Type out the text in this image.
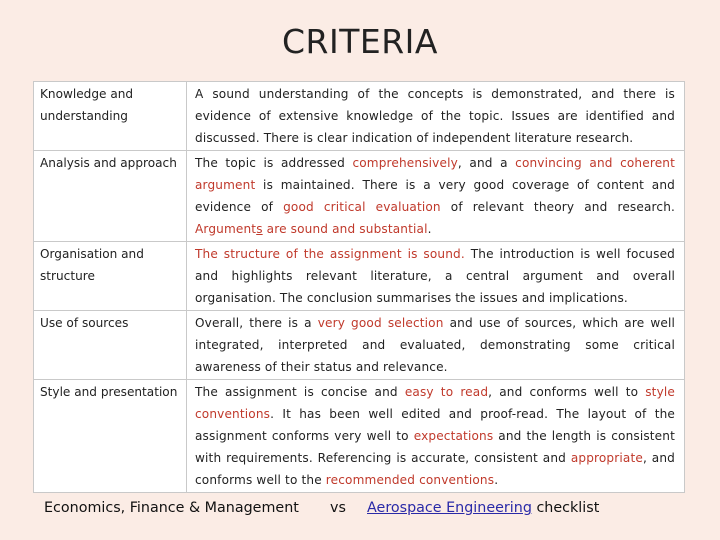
CRITERIA
Knowledge and understanding	A sound understanding of the concepts is demonstrated, and there is evidence of extensive knowledge of the topic. Issues are identified and discussed. There is clear indication of independent literature research.
Analysis and approach	The topic is addressed comprehensively, and a convincing and coherent argument is maintained. There is a very good coverage of content and evidence of good critical evaluation of relevant theory and research. Arguments are sound and substantial.
Organisation and structure	The structure of the assignment is sound. The introduction is well focused and highlights relevant literature, a central argument and overall organisation. The conclusion summarises the issues and implications.
Use of sources	Overall, there is a very good selection and use of sources, which are well integrated, interpreted and evaluated, demonstrating some critical awareness of their status and relevance.
Style and presentation	The assignment is concise and easy to read, and conforms well to style conventions. It has been well edited and proof-read. The layout of the assignment conforms very well to expectations and the length is consistent with requirements. Referencing is accurate, consistent and appropriate, and conforms well to the recommended conventions.
Economics, Finance & Management vs Aerospace Engineering checklist
